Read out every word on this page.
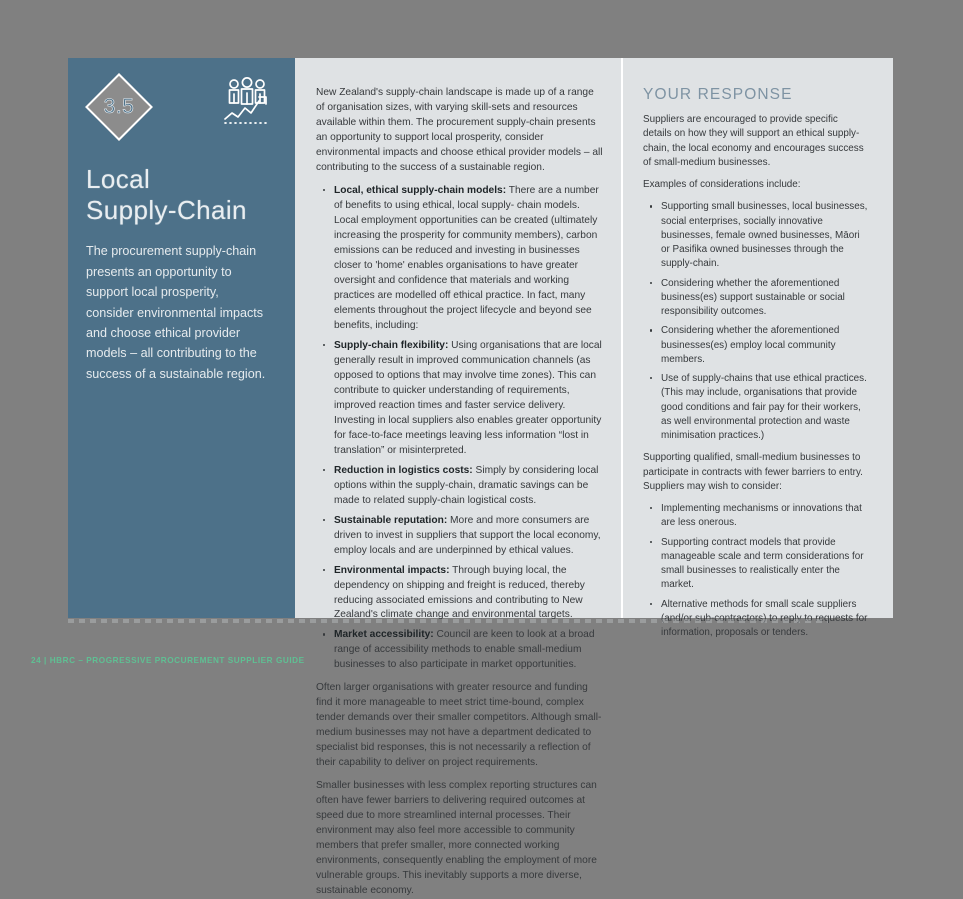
3.5
Local
Supply-Chain

The procurement supply-chain presents an opportunity to support local prosperity, consider environmental impacts and choose ethical provider models – all contributing to the success of a sustainable region.

New Zealand's supply-chain landscape is made up of a range of organisation sizes, with varying skill-sets and resources available within them. The procurement supply-chain presents an opportunity to support local prosperity, consider environmental impacts and choose ethical provider models – all contributing to the success of a sustainable region.

Local, ethical supply-chain models: There are a number of benefits to using ethical, local supply- chain models. Local employment opportunities can be created (ultimately increasing the prosperity for community members), carbon emissions can be reduced and investing in businesses closer to 'home' enables organisations to have greater oversight and confidence that materials and working practices are modelled off ethical practice. In fact, many elements throughout the project lifecycle and beyond see benefits, including:
Supply-chain flexibility: Using organisations that are local generally result in improved communication channels (as opposed to options that may involve time zones). This can contribute to quicker understanding of requirements, improved reaction times and faster service delivery. Investing in local suppliers also enables greater opportunity for face-to-face meetings leaving less information “lost in translation” or misinterpreted.
Reduction in logistics costs: Simply by considering local options within the supply-chain, dramatic savings can be made to related supply-chain logistical costs.
Sustainable reputation: More and more consumers are driven to invest in suppliers that support the local economy, employ locals and are underpinned by ethical values.
Environmental impacts: Through buying local, the dependency on shipping and freight is reduced, thereby reducing associated emissions and contributing to New Zealand's climate change and environmental targets.
Market accessibility: Council are keen to look at a broad range of accessibility methods to enable small-medium businesses to also participate in market opportunities.

Often larger organisations with greater resource and funding find it more manageable to meet strict time-bound, complex tender demands over their smaller competitors. Although small-medium businesses may not have a department dedicated to specialist bid responses, this is not necessarily a reflection of their capability to deliver on project requirements.

Smaller businesses with less complex reporting structures can often have fewer barriers to delivering required outcomes at speed due to more streamlined internal processes. Their environment may also feel more accessible to community members that prefer smaller, more connected working environments, consequently enabling the employment of more vulnerable groups. This inevitably supports a more diverse, sustainable economy.

YOUR RESPONSE

Suppliers are encouraged to provide specific details on how they will support an ethical supply-chain, the local economy and encourages success of small-medium businesses.

Examples of considerations include:

Supporting small businesses, local businesses, social enterprises, socially innovative businesses, female owned businesses, Māori or Pasifika owned businesses through the supply-chain.
Considering whether the aforementioned business(es) support sustainable or social responsibility outcomes.
Considering whether the aforementioned businesses(es) employ local community members.
Use of supply-chains that use ethical practices. (This may include, organisations that provide good conditions and fair pay for their workers, as well environmental protection and waste minimisation practices.)

Supporting qualified, small-medium businesses to participate in contracts with fewer barriers to entry. Suppliers may wish to consider:

Implementing mechanisms or innovations that are less onerous.
Supporting contract models that provide manageable scale and term considerations for small businesses to realistically enter the market.
Alternative methods for small scale suppliers (and/or sub-contractors) to reply to requests for information, proposals or tenders.
24 | HBRC – PROGRESSIVE PROCUREMENT SUPPLIER GUIDE
